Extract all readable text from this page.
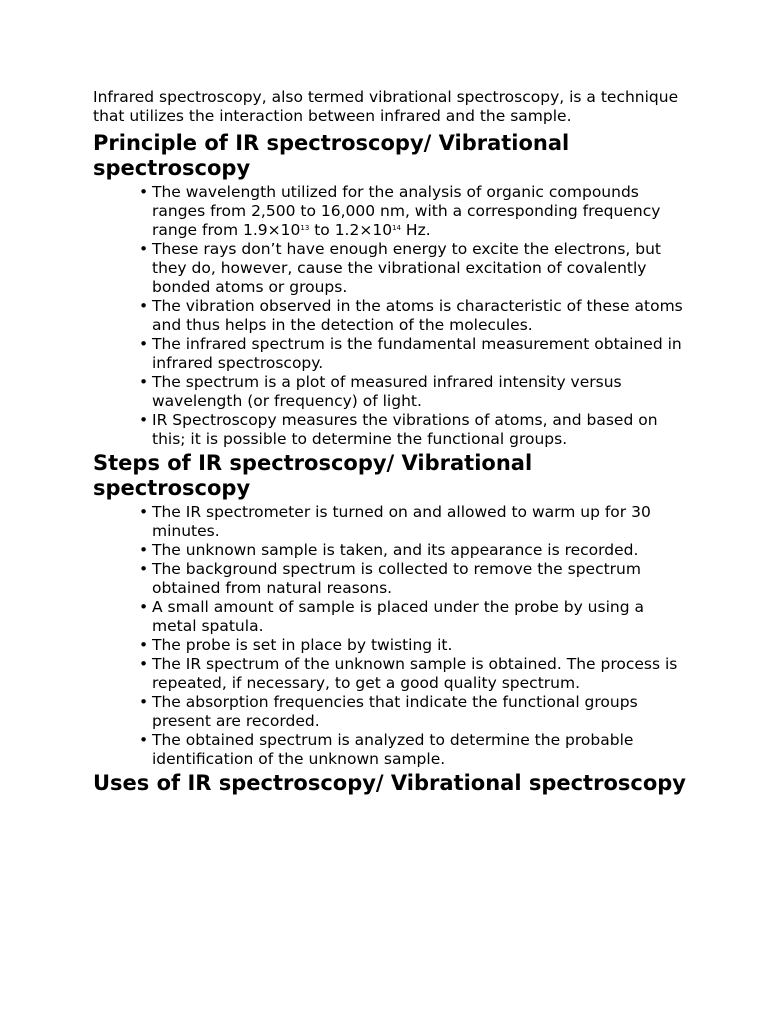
Infrared spectroscopy, also termed vibrational spectroscopy, is a technique that utilizes the interaction between infrared and the sample.

Principle of IR spectroscopy/ Vibrational spectroscopy
• The wavelength utilized for the analysis of organic compounds ranges from 2,500 to 16,000 nm, with a corresponding frequency range from $1.9\times 10^{13}$ to $1.2\times 10^{14}$ Hz.
• These rays don’t have enough energy to excite the electrons, but they do, however, cause the vibrational excitation of covalently bonded atoms or groups.
• The vibration observed in the atoms is characteristic of these atoms and thus helps in the detection of the molecules.
• The infrared spectrum is the fundamental measurement obtained in infrared spectroscopy.
• The spectrum is a plot of measured infrared intensity versus wavelength (or frequency) of light.
• IR Spectroscopy measures the vibrations of atoms, and based on this; it is possible to determine the functional groups.
Steps of IR spectroscopy/ Vibrational spectroscopy
• The IR spectrometer is turned on and allowed to warm up for 30 minutes.
• The unknown sample is taken, and its appearance is recorded.
• The background spectrum is collected to remove the spectrum obtained from natural reasons.
• A small amount of sample is placed under the probe by using a metal spatula.
• The probe is set in place by twisting it.
• The IR spectrum of the unknown sample is obtained. The process is repeated, if necessary, to get a good quality spectrum.
• The absorption frequencies that indicate the functional groups present are recorded.
• The obtained spectrum is analyzed to determine the probable identification of the unknown sample.
Uses of IR spectroscopy/ Vibrational spectroscopy
